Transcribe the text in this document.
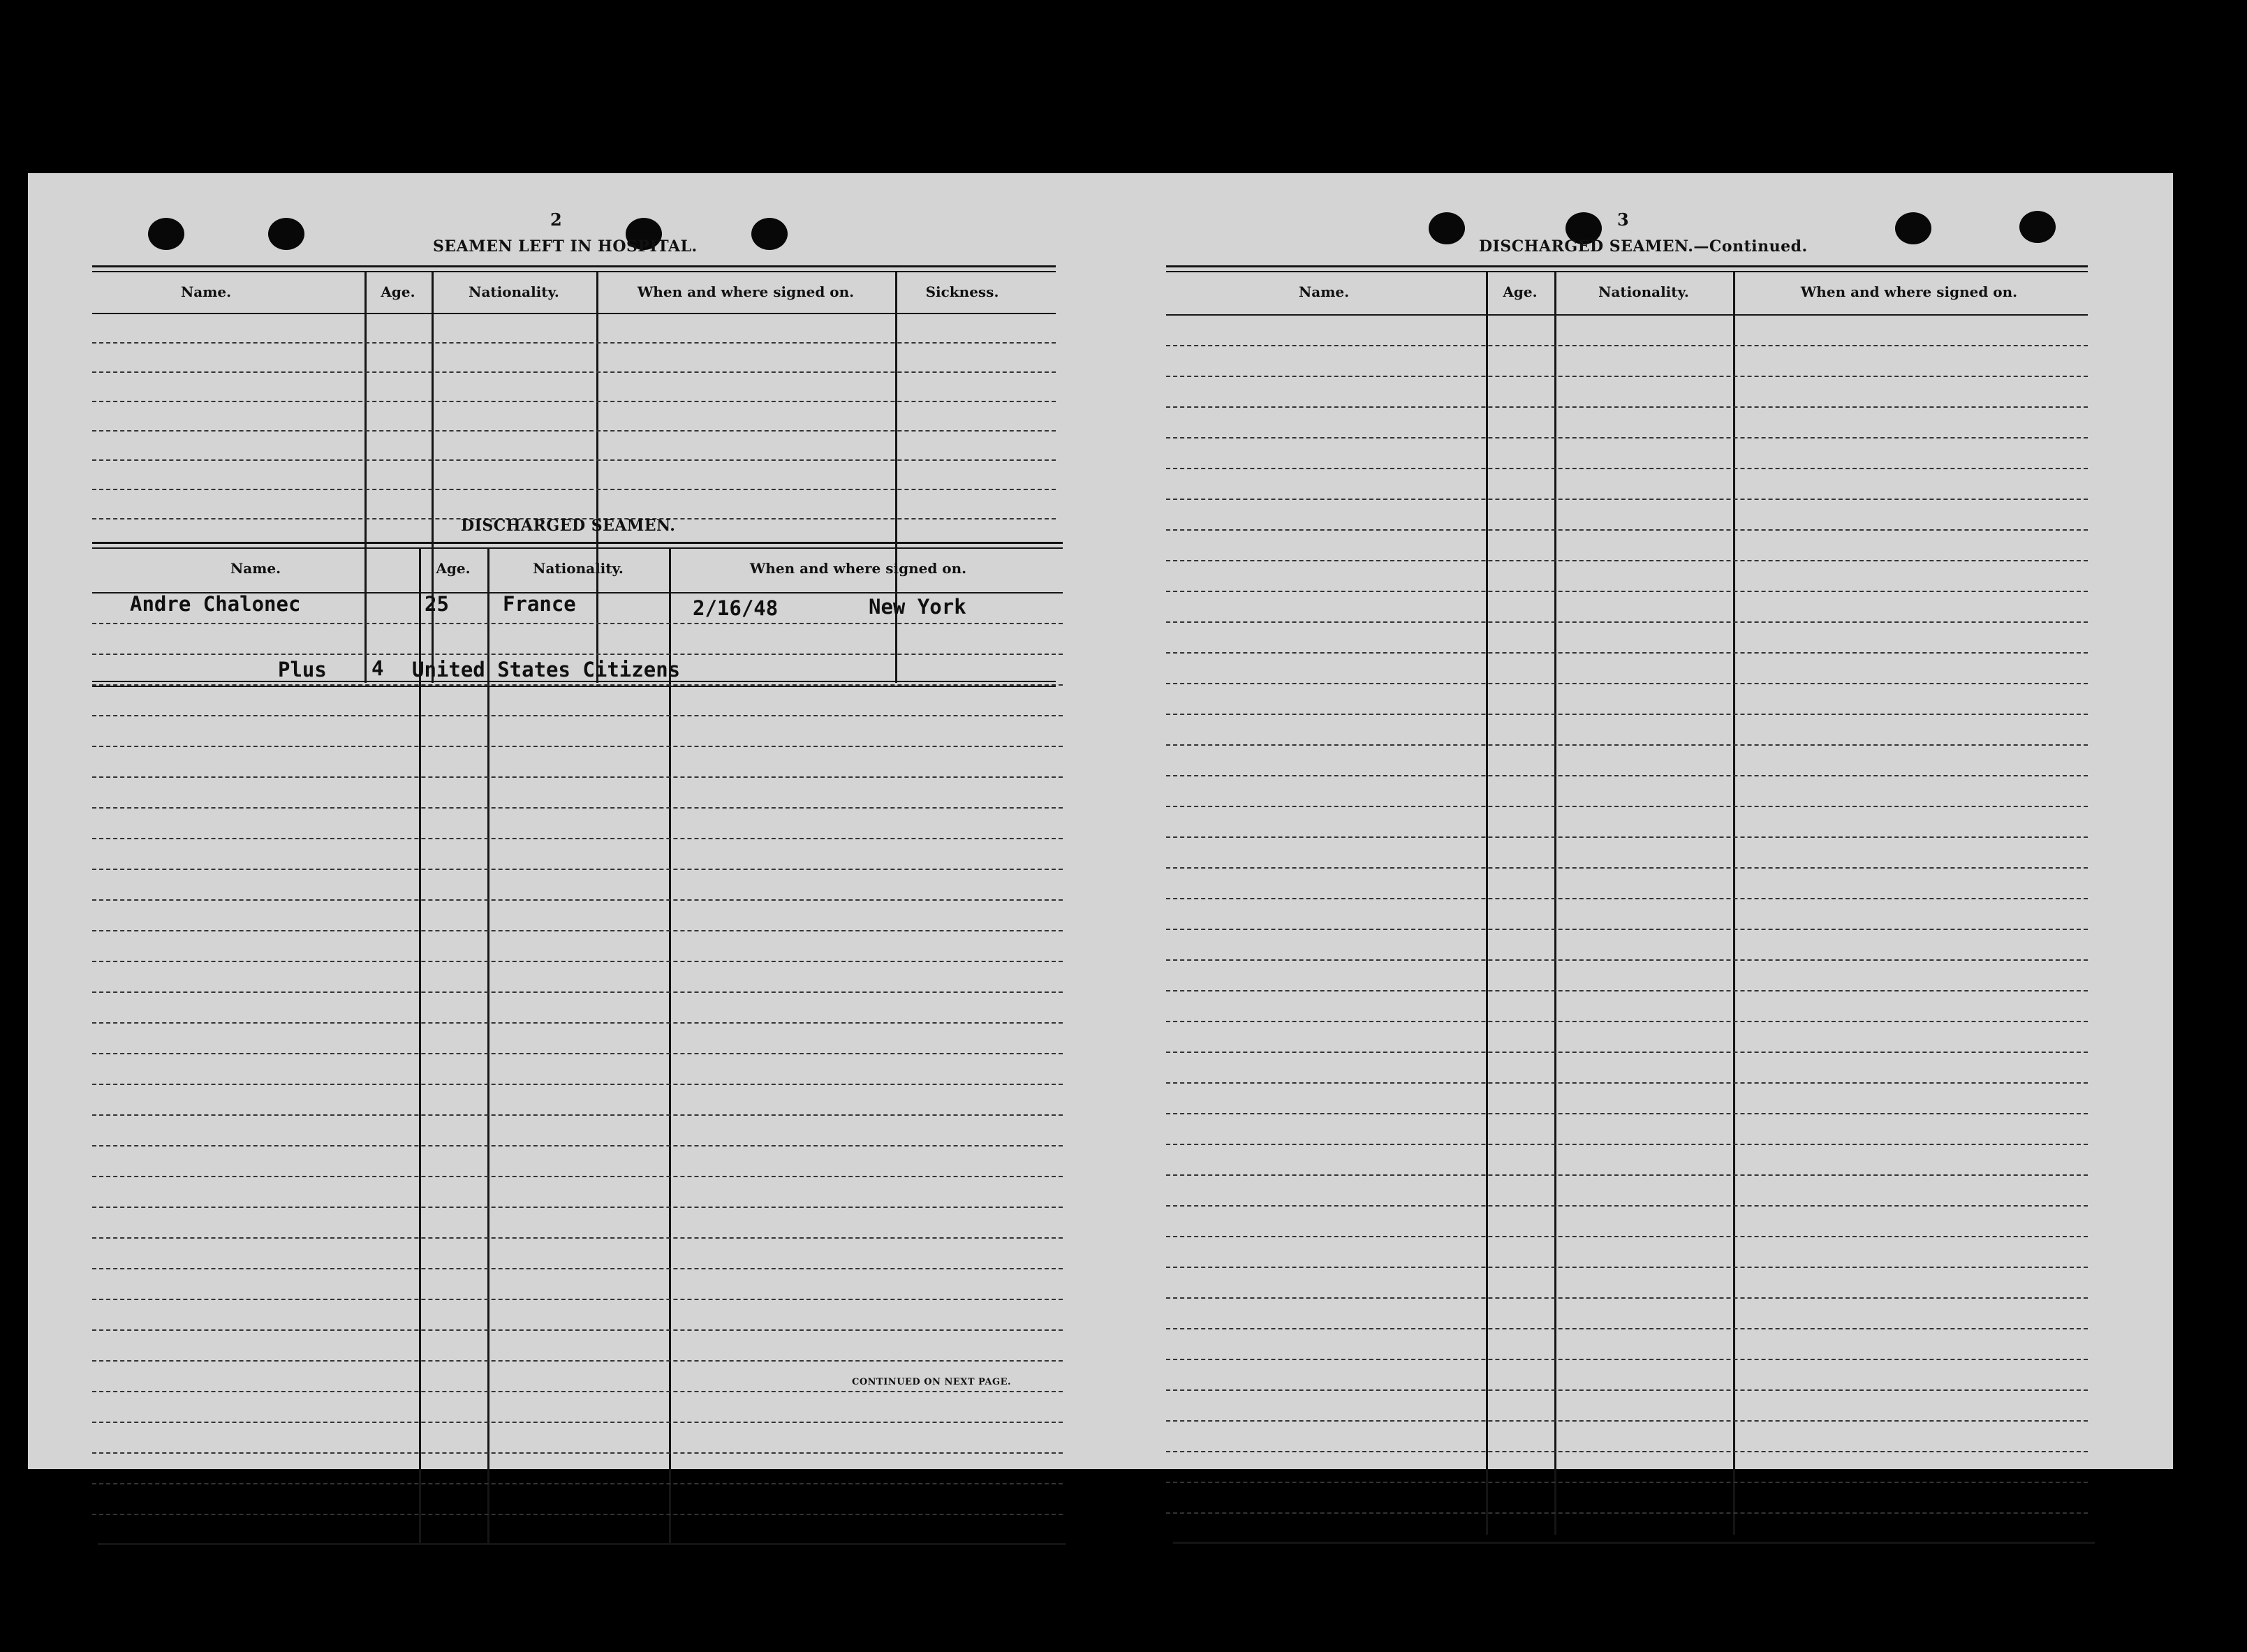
2
SEAMEN LEFT IN HOSPITAL.
Name.	Age.	Nationality.	When and where signed on.	Sickness.
DISCHARGED SEAMEN.
Name.	Age.	Nationality.	When and where signed on.
Andre Chalonec	25	France	2/16/48	New York
Plus 4 United States Citizens
CONTINUED ON NEXT PAGE.
3
DISCHARGED SEAMEN.—Continued.
Name.	Age.	Nationality.	When and where signed on.
